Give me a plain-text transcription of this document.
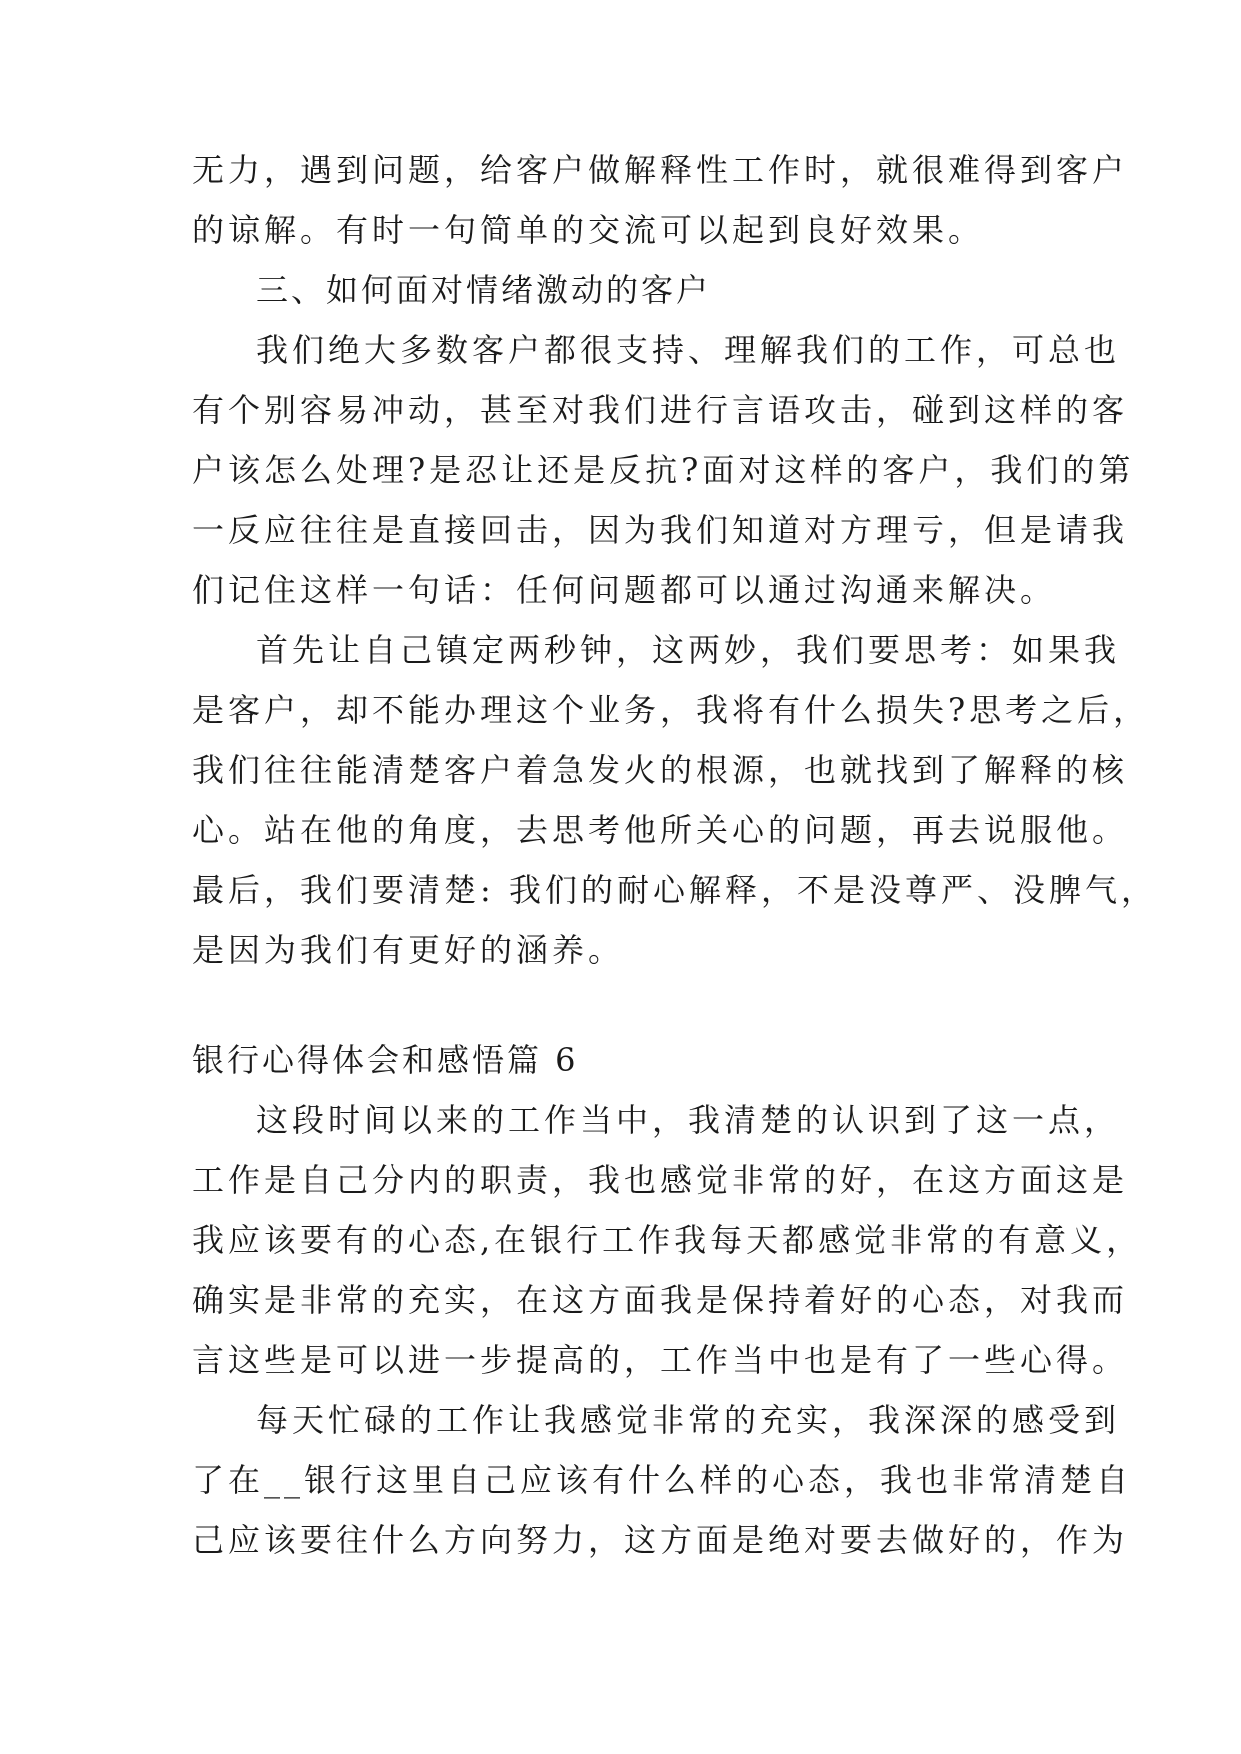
无力，遇到问题，给客户做解释性工作时，就很难得到客户
的谅解。有时一句简单的交流可以起到良好效果。
三、如何面对情绪激动的客户
我们绝大多数客户都很支持、理解我们的工作，可总也
有个别容易冲动，甚至对我们进行言语攻击，碰到这样的客
户该怎么处理?是忍让还是反抗?面对这样的客户，我们的第
一反应往往是直接回击，因为我们知道对方理亏，但是请我
们记住这样一句话：任何问题都可以通过沟通来解决。
首先让自己镇定两秒钟，这两妙，我们要思考：如果我
是客户，却不能办理这个业务，我将有什么损失?思考之后，
我们往往能清楚客户着急发火的根源，也就找到了解释的核
心。站在他的角度，去思考他所关心的问题，再去说服他。
最后，我们要清楚: 我们的耐心解释，不是没尊严、没脾气，
是因为我们有更好的涵养。
银行心得体会和感悟篇 6
这段时间以来的工作当中，我清楚的认识到了这一点，
工作是自己分内的职责，我也感觉非常的好，在这方面这是
我应该要有的心态,在银行工作我每天都感觉非常的有意义，
确实是非常的充实，在这方面我是保持着好的心态，对我而
言这些是可以进一步提高的，工作当中也是有了一些心得。
每天忙碌的工作让我感觉非常的充实，我深深的感受到
了在__银行这里自己应该有什么样的心态，我也非常清楚自
己应该要往什么方向努力，这方面是绝对要去做好的，作为
